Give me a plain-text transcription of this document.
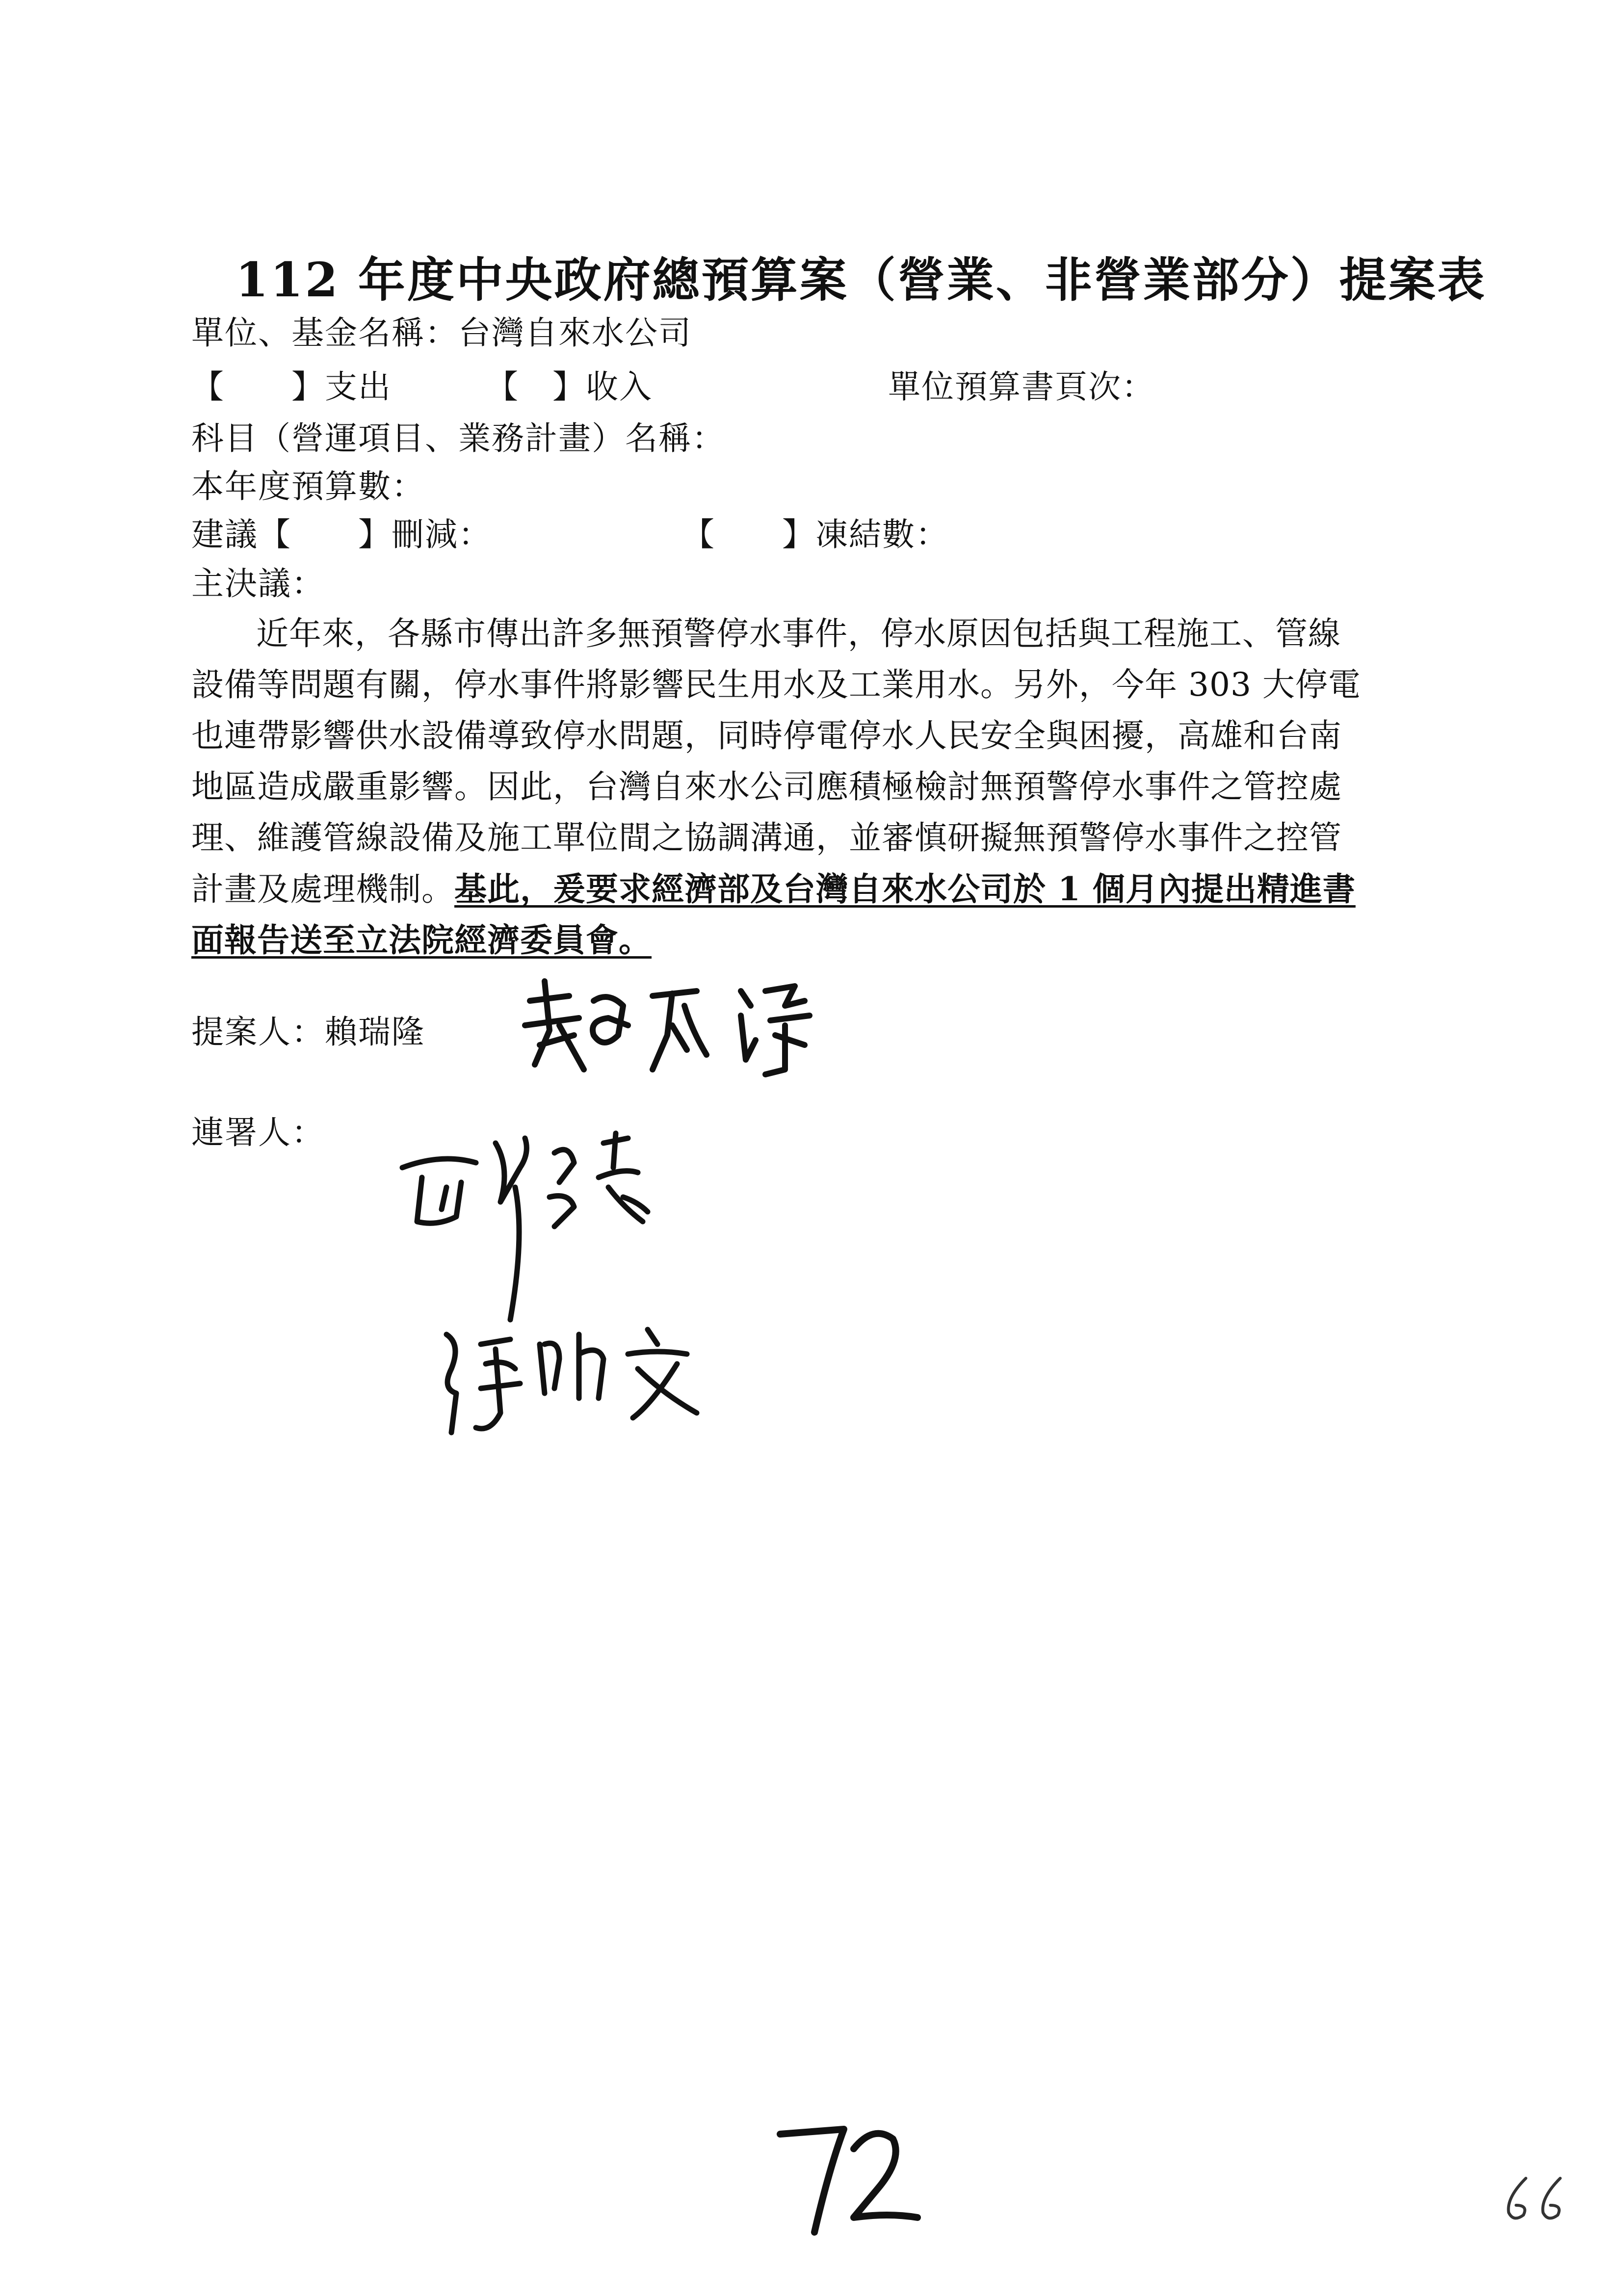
112 年度中央政府總預算案（營業、非營業部分）提案表
單位、基金名稱：台灣自來水公司
【　　】支出	【　】收入	單位預算書頁次：
科目（營運項目、業務計畫）名稱：
本年度預算數：
建議【　　】刪減：	【　　】凍結數：
主決議：
近年來，各縣市傳出許多無預警停水事件，停水原因包括與工程施工、管線
設備等問題有關，停水事件將影響民生用水及工業用水。另外，今年 303 大停電
也連帶影響供水設備導致停水問題，同時停電停水人民安全與困擾，高雄和台南
地區造成嚴重影響。因此，台灣自來水公司應積極檢討無預警停水事件之管控處
理、維護管線設備及施工單位間之協調溝通，並審慎研擬無預警停水事件之控管
計畫及處理機制。基此，爰要求經濟部及台灣自來水公司於 1 個月內提出精進書
面報告送至立法院經濟委員會。
提案人：賴瑞隆
連署人：
